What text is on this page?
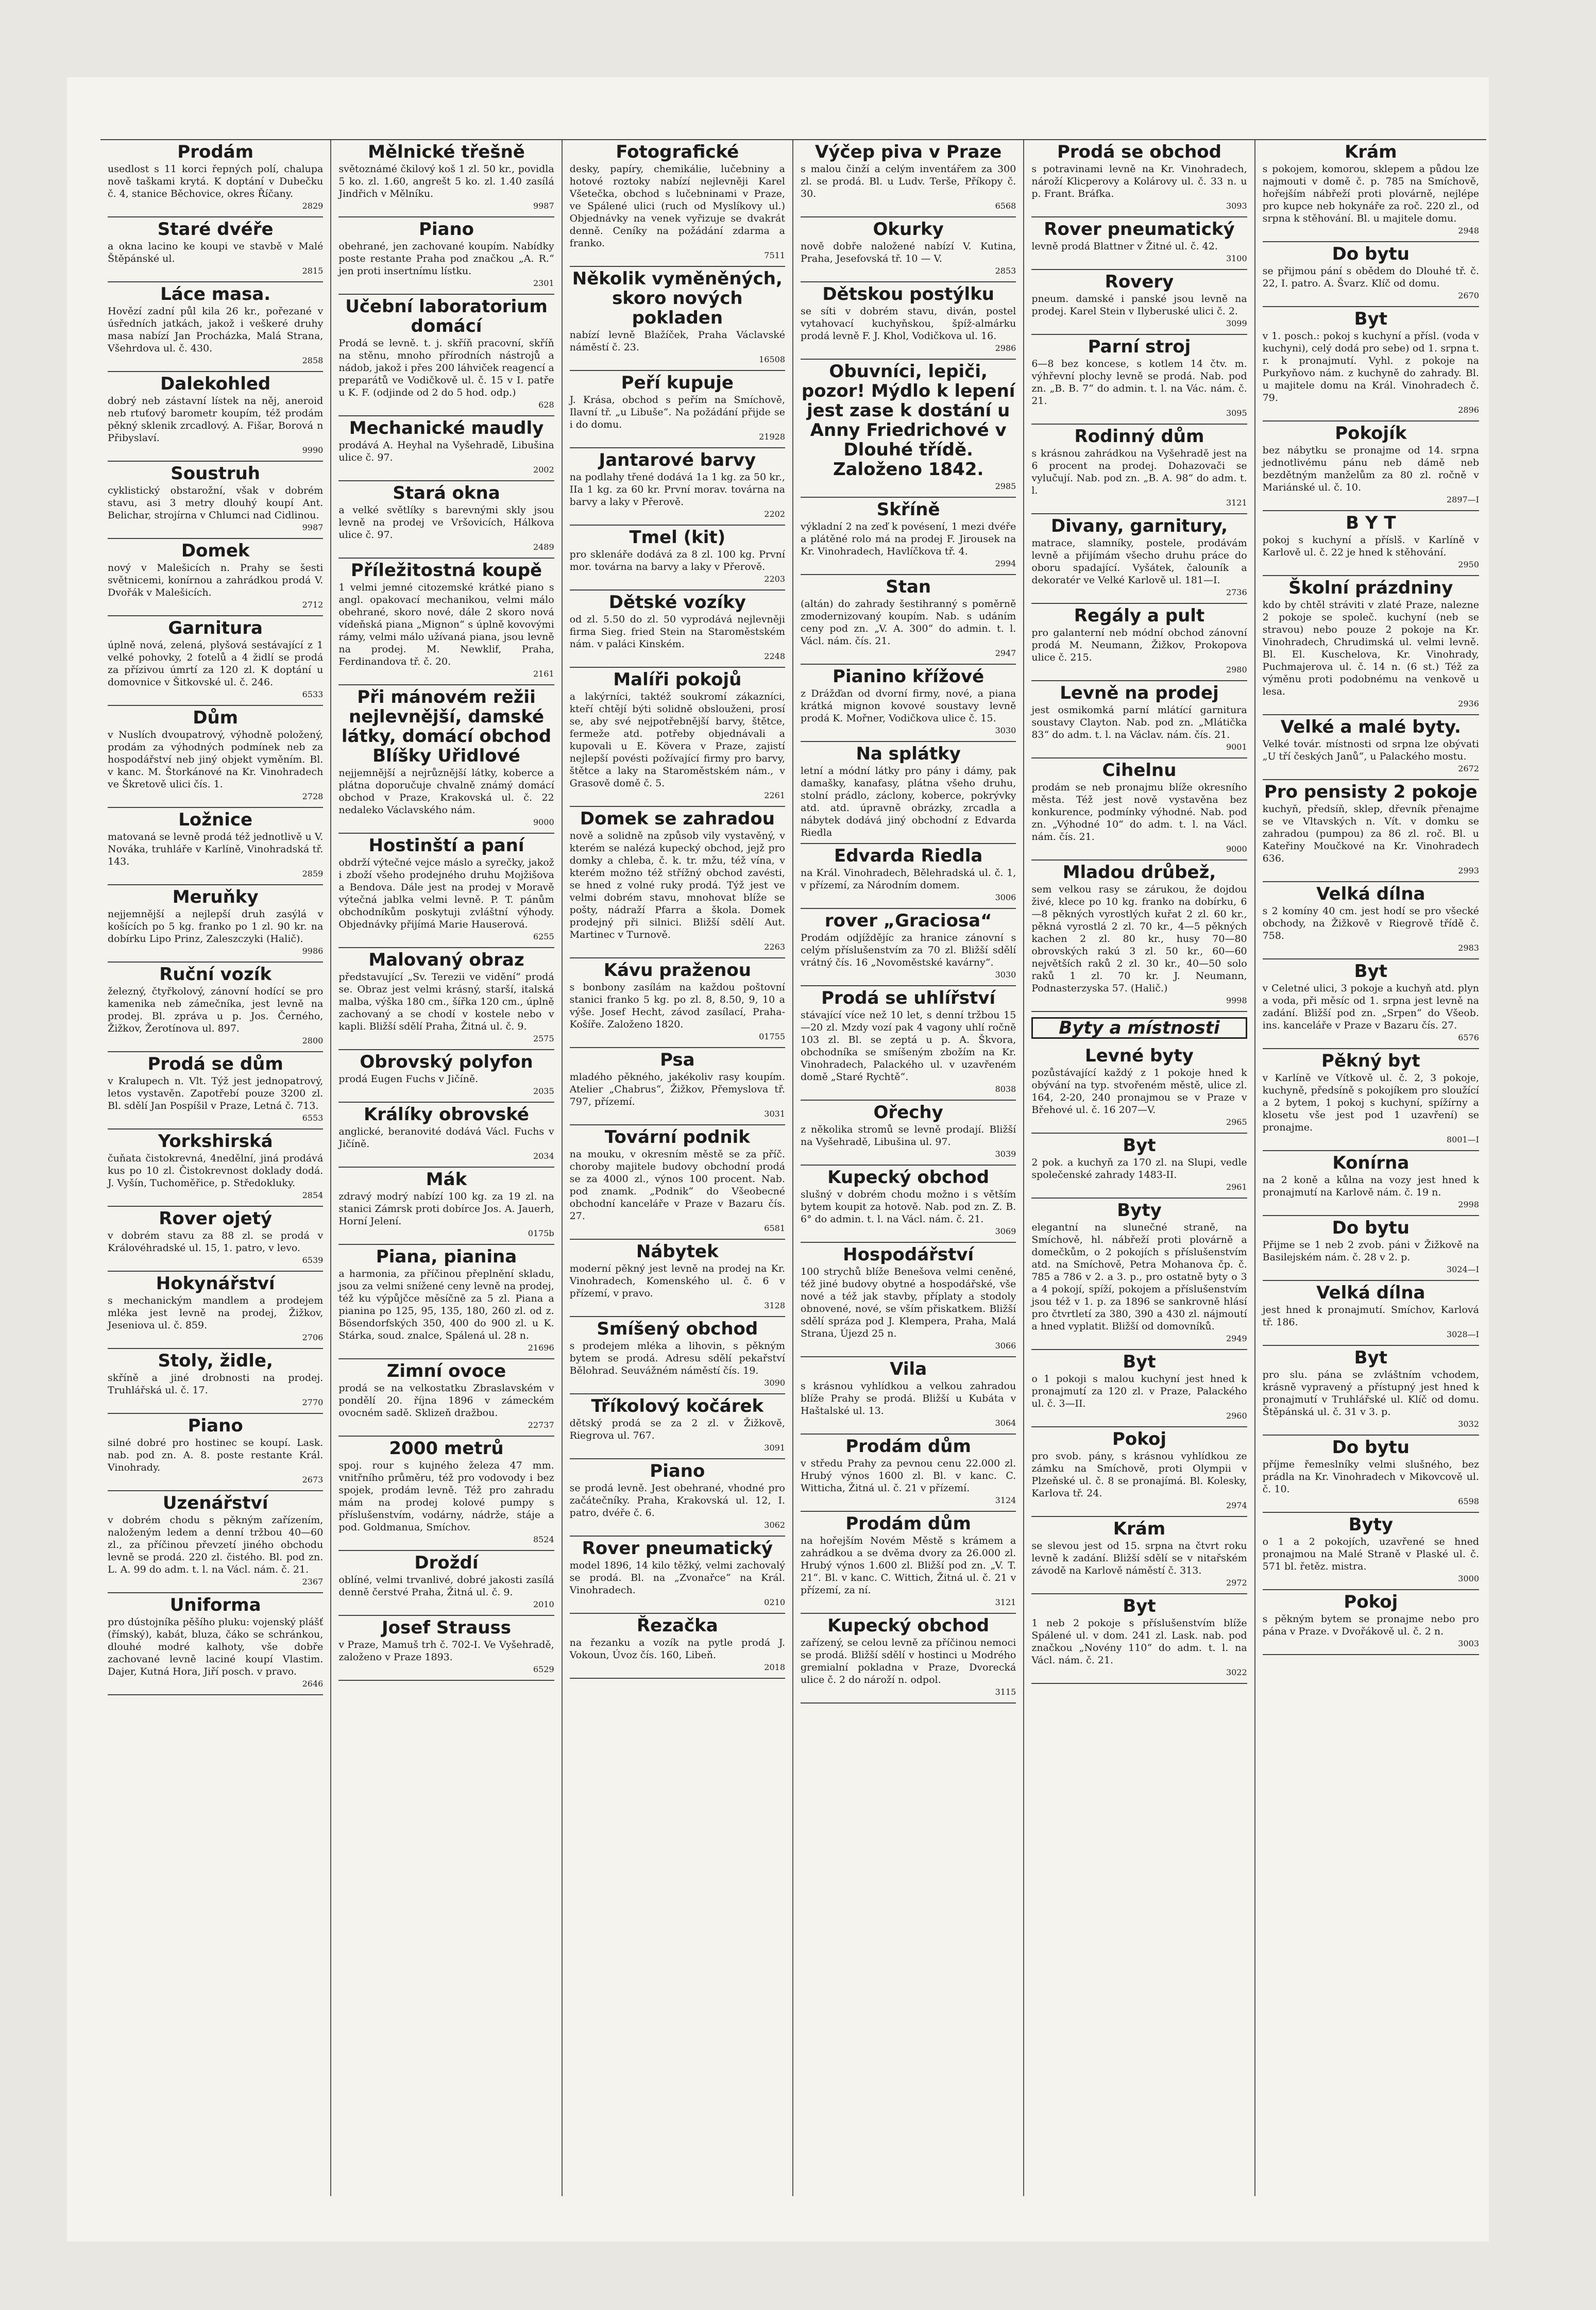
Prodám

usedlost s 11 korci řepných polí, chalupa nově taškami krytá. K doptání v Dubečku č. 4, stanice Běchovice, okres Říčany.

2829
Staré dvéře

a okna lacino ke koupi ve stavbě v Malé Štěpánské ul.

2815
Láce masa.

Hovězí zadní půl kila 26 kr., pořezané v úsředních jatkách, jakož i veškeré druhy masa nabízí Jan Procházka, Malá Strana, Všehrdova ul. č. 430.

2858
Dalekohled

dobrý neb zástavní lístek na něj, aneroid neb rtuťový barometr koupím, též prodám pěkný sklenik zrcadlový. A. Fišar, Borová n Přibyslaví.

9990
Soustruh

cyklistický obstarožní, však v dobrém stavu, asi 3 metry dlouhý koupí Ant. Belichar, strojírna v Chlumci nad Cidlinou.

9987
Domek

nový v Malešicích n. Prahy se šesti světnicemi, konírnou a zahrádkou prodá V. Dvořák v Malešicích.

2712
Garnitura

úplně nová, zelená, plyšová sestávající z 1 velké pohovky, 2 fotelů a 4 židlí se prodá za přízivou úmrtí za 120 zl. K doptání u domovnice v Šitkovské ul. č. 246.

6533
Dům

v Nuslích dvoupatrový, výhodně položený, prodám za výhodných podmínek neb za hospodářství neb jiný objekt vyměním. Bl. v kanc. M. Štorkánové na Kr. Vinohradech ve Škretově ulici čís. 1.

2728
Ložnice

matovaná se levně prodá též jednotlivě u V. Nováka, truhláře v Karlíně, Vinohradská tř. 143.

2859
Meruňky

nejjemnější a nejlepší druh zasýlá v košících po 5 kg. franko po 1 zl. 90 kr. na dobírku Lipo Prinz, Zaleszczyki (Halič).

9986
Ruční vozík

železný, čtyřkolový, zánovní hodící se pro kamenika neb zámečníka, jest levně na prodej. Bl. zpráva u p. Jos. Černého, Žižkov, Žerotínova ul. 897.

2800
Prodá se dům

v Kralupech n. Vlt. Týž jest jednopatrový, letos vystavěn. Zapotřebí pouze 3200 zl. Bl. sdělí Jan Pospíšil v Praze, Letná č. 713.

6553
Yorkshirská

čuňata čistokrevná, 4nedělní, jiná prodává kus po 10 zl. Čistokrevnost doklady dodá. J. Vyšín, Tuchoměřice, p. Středokluky.

2854
Rover ojetý

v dobrém stavu za 88 zl. se prodá v Královéhradské ul. 15, 1. patro, v levo.

6539
Hokynářství

s mechanickým mandlem a prodejem mléka jest levně na prodej, Žižkov, Jeseniova ul. č. 859.

2706
Stoly, židle,

skříně a jiné drobnosti na prodej. Truhlářská ul. č. 17.

2770
Piano

silné dobré pro hostinec se koupí. Lask. nab. pod zn. A. 8. poste restante Král. Vinohrady.

2673
Uzenářství

v dobrém chodu s pěkným zařízením, naloženým ledem a denní tržbou 40—60 zl., za příčinou převzetí jiného obchodu levně se prodá. 220 zl. čistého. Bl. pod zn. L. A. 99 do adm. t. l. na Václ. nám. č. 21.

2367
Uniforma

pro dústojníka pěšího pluku: vojenský plášť (římský), kabát, bluza, čáko se schránkou, dlouhé modré kalhoty, vše dobře zachované levně laciné koupí Vlastim. Dajer, Kutná Hora, Jiří posch. v pravo.

2646
Mělnické třešně

světoznámé čkilový koš 1 zl. 50 kr., povidla 5 ko. zl. 1.60, angrešt 5 ko. zl. 1.40 zasílá Jindřich v Mělníku.

9987
Piano

obehrané, jen zachované koupím. Nabídky poste restante Praha pod značkou „A. R.“ jen proti insertnímu lístku.

2301
Učební laboratorium domácí

Prodá se levně. t. j. skříň pracovní, skříň na stěnu, mnoho přírodních nástrojů a nádob, jakož i přes 200 láhviček reagencí a preparátů ve Vodičkově ul. č. 15 v I. patře u K. F. (odjinde od 2 do 5 hod. odp.)

628
Mechanické maudly

prodává A. Heyhal na Vyšehradě, Libušina ulice č. 97.

2002
Stará okna

a velké světlíky s barevnými skly jsou levně na prodej ve Vršovicích, Hálkova ulice č. 97.

2489
Příležitostná koupě

1 velmi jemné citozemské krátké piano s angl. opakovací mechanikou, velmi málo obehrané, skoro nové, dále 2 skoro nová vídeňská piana „Mignon“ s úplně kovovými rámy, velmi málo užívaná piana, jsou levně na prodej. M. Newklif, Praha, Ferdinandova tř. č. 20.

2161
Při mánovém režii nejlevnější, damské látky, domácí obchod Blíšky Uřidlové

nejjemnější a nejrůznější látky, koberce a plátna doporučuje chvalně známý domácí obchod v Praze, Krakovská ul. č. 22 nedaleko Václavského nám.

9000
Hostinští a paní

obdrží výtečné vejce máslo a syrečky, jakož i zboží všeho prodejného druhu Mojžišova a Bendova. Dále jest na prodej v Moravě výtečná jablka velmi levně. P. T. pánům obchodníkům poskytuji zvláštní výhody. Objednávky přijímá Marie Hauserová.

6255
Malovaný obraz

představující „Sv. Terezii ve vidění“ prodá se. Obraz jest velmi krásný, starší, italská malba, výška 180 cm., šířka 120 cm., úplně zachovaný a se chodí v kostele nebo v kapli. Bližší sdělí Praha, Žitná ul. č. 9.

2575
Obrovský polyfon

prodá Eugen Fuchs v Jičíně.

2035
Králíky obrovské

anglické, beranovité dodává Václ. Fuchs v Jičíně.

2034
Mák

zdravý modrý nabízí 100 kg. za 19 zl. na stanici Zámrsk proti dobírce Jos. A. Jauerh, Horní Jelení.

0175b
Piana, pianina

a harmonia, za příčinou přeplnění skladu, jsou za velmi snížené ceny levně na prodej, též ku výpůjčce měsíčně za 5 zl. Piana a pianina po 125, 95, 135, 180, 260 zl. od z. Bösendorfských 350, 400 do 900 zl. u K. Stárka, soud. znalce, Spálená ul. 28 n.

21696
Zimní ovoce

prodá se na velkostatku Zbraslavském v pondělí 20. října 1896 v zámeckém ovocném sadě. Sklizeň dražbou.

22737
2000 metrů

spoj. rour s kujného železa 47 mm. vnitřního průměru, též pro vodovody i bez spojek, prodám levně. Též pro zahradu mám na prodej kolové pumpy s příslušenstvím, vodárny, nádrže, stáje a pod. Goldmanua, Smíchov.

8524
Droždí

oblíné, velmi trvanlivé, dobré jakosti zasílá denně čerstvé Praha, Žitná ul. č. 9.

2010
Josef Strauss

v Praze, Mamuš trh č. 702-I. Ve Vyšehradě, založeno v Praze 1893.

6529
Fotografické

desky, papíry, chemikálie, lučebniny a hotové roztoky nabízí nejlevněji Karel Všetečka, obchod s lučebninami v Praze, ve Spálené ulici (ruch od Myslíkovy ul.) Objednávky na venek vyřizuje se dvakrát denně. Ceníky na požádání zdarma a franko.

7511
Několik vyměněných, skoro nových pokladen

nabízí levně Blažíček, Praha Václavské náměstí č. 23.

16508
Peří kupuje

J. Krása, obchod s peřím na Smíchově, Ilavní tř. „u Libuše“. Na požádání přijde se i do domu.

21928
Jantarové barvy

na podlahy třené dodává 1a 1 kg. za 50 kr., IIa 1 kg. za 60 kr. První morav. továrna na barvy a laky v Přerově.

2202
Tmel (kit)

pro sklenáře dodává za 8 zl. 100 kg. První mor. továrna na barvy a laky v Přerově.

2203
Dětské vozíky

od zl. 5.50 do zl. 50 vyprodává nejlevněji firma Sieg. fried Stein na Staroměstském nám. v paláci Kinském.

2248
Malíři pokojů

a lakýrníci, taktéž soukromí zákazníci, kteří chtějí býti solidně obslouženi, prosí se, aby své nejpotřebnější barvy, štětce, fermeže atd. potřeby objednávali a kupovali u E. Kövera v Praze, zajistí nejlepší povésti požívající firmy pro barvy, štětce a laky na Staroměstském nám., v Grasově domě č. 5.

2261
Domek se zahradou

nově a solidně na způsob vily vystavěný, v kterém se nalézá kupecký obchod, jejž pro domky a chleba, č. k. tr. mžu, též vína, v kterém možno též střížný obchod zavésti, se hned z volné ruky prodá. Týž jest ve velmi dobrém stavu, mnohovat blíže se pošty, nádraží Pfarra a škola. Domek prodejný při silnici. Bližší sdělí Aut. Martinec v Turnově.

2263
Kávu praženou

s bonbony zasílám na každou poštovní stanici franko 5 kg. po zl. 8, 8.50, 9, 10 a výše. Josef Hecht, závod zasílací, Praha-Košíře. Založeno 1820.

01755
Psa

mladého pěkného, jakékoliv rasy koupím. Atelier „Chabrus“, Žižkov, Přemyslova tř. 797, přízemí.

3031
Tovární podnik

na mouku, v okresním městě se za příč. choroby majitele budovy obchodní prodá se za 4000 zl., výnos 100 procent. Nab. pod znamk. „Podnik“ do Všeobecné obchodní kanceláře v Praze v Bazaru čís. 27.

6581
Nábytek

moderní pěkný jest levně na prodej na Kr. Vinohradech, Komenského ul. č. 6 v přízemí, v pravo.

3128
Smíšený obchod

s prodejem mléka a lihovin, s pěkným bytem se prodá. Adresu sdělí pekařství Bělohrad. Seuvážném náměstí čís. 19.

3090
Tříkolový kočárek

dětský prodá se za 2 zl. v Žižkově, Riegrova ul. 767.

3091
Piano

se prodá levně. Jest obehrané, vhodné pro začátečníky. Praha, Krakovská ul. 12, I. patro, dvéře č. 6.

3062
Rover pneumatický

model 1896, 14 kilo těžký, velmi zachovalý se prodá. Bl. na „Zvonařce“ na Král. Vinohradech.

0210
Řezačka

na řezanku a vozík na pytle prodá J. Vokoun, Úvoz čís. 160, Libeň.

2018
Výčep piva v Praze

s malou činží a celým inventářem za 300 zl. se prodá. Bl. u Ludv. Terše, Příkopy č. 30.

6568
Okurky

nově dobře naložené nabízí V. Kutina, Praha, Jesefovská tř. 10 — V.

2853
Dětskou postýlku

se síti v dobrém stavu, diván, postel vytahovací kuchyňskou, špíž-almárku prodá levně F. J. Khol, Vodičkova ul. 16.

2986
Obuvníci, lepiči, pozor! Mýdlo k lepení jest zase k dostání u Anny Friedrichové v Dlouhé třídě. Založeno 1842.
2985
Skříně

výkladní 2 na zeď k povésení, 1 mezi dvéře a plátěné rolo má na prodej F. Jirousek na Kr. Vinohradech, Havlíčkova tř. 4.

2994
Stan

(altán) do zahrady šestihranný s poměrně zmodernizovaný koupím. Nab. s udáním ceny pod zn. „V. A. 300“ do admin. t. l. Václ. nám. čís. 21.

2947
Pianino křížové

z Drážďan od dvorní firmy, nové, a piana krátká mignon kovové soustavy levně prodá K. Mořner, Vodičkova ulice č. 15.

3030
Na splátky

letní a módní látky pro pány i dámy, pak damašky, kanafasy, plátna všeho druhu, stolní prádlo, záclony, koberce, pokrývky atd. atd. úpravně obrázky, zrcadla a nábytek dodává jiný obchodní z Edvarda Riedla

Edvarda Riedla

na Král. Vinohradech, Bělehradská ul. č. 1, v přízemí, za Národním domem.

3006
rover „Graciosa“

Prodám odjíždějíc za hranice zánovní s celým příslušenstvím za 70 zl. Bližší sdělí vrátný čís. 16 „Novoměstské kavárny“.

3030
Prodá se uhlířství

stávající více než 10 let, s denní tržbou 15—20 zl. Mzdy vozí pak 4 vagony uhlí ročně 103 zl. Bl. se zeptá u p. A. Škvora, obchodníka se smíšeným zbožím na Kr. Vinohradech, Palackého ul. v uzavřeném domě „Staré Rychtě“.

8038
Ořechy

z několika stromů se levně prodají. Bližší na Vyšehradě, Libušina ul. 97.

3039
Kupecký obchod

slušný v dobrém chodu možno i s větším bytem koupit za hotově. Nab. pod zn. Z. B. 6° do admin. t. l. na Václ. nám. č. 21.

3069
Hospodářství

100 strychů blíže Benešova velmi ceněné, též jiné budovy obytné a hospodářské, vše nové a též jak stavby, příplaty a stodoly obnovené, nové, se vším přiskatkem. Bližší sdělí spráza pod J. Klempera, Praha, Malá Strana, Újezd 25 n.

3066
Vila

s krásnou vyhlídkou a velkou zahradou blíže Prahy se prodá. Bližší u Kubáta v Haštalské ul. 13.

3064
Prodám dům

v středu Prahy za pevnou cenu 22.000 zl. Hrubý výnos 1600 zl. Bl. v kanc. C. Witticha, Žitná ul. č. 21 v přízemí.

3124
Prodám dům

na hořejším Novém Městě s krámem a zahrádkou a se dvěma dvory za 26.000 zl. Hrubý výnos 1.600 zl. Bližší pod zn. „V. T. 21“. Bl. v kanc. C. Wittich, Žitná ul. č. 21 v přízemí, za ní.

3121
Kupecký obchod

zařízený, se celou levně za příčinou nemoci se prodá. Bližší sdělí v hostinci u Modrého gremialní pokladna v Praze, Dvorecká ulice č. 2 do nároží n. odpol.

3115
Prodá se obchod

s potravinami levně na Kr. Vinohradech, nároží Klicperovy a Kolárovy ul. č. 33 n. u p. Frant. Bráfka.

3093
Rover pneumatický

levně prodá Blattner v Žitné ul. č. 42.

3100
Rovery

pneum. damské i panské jsou levně na prodej. Karel Stein v Ilyberuské ulici č. 2.

3099
Parní stroj

6—8 bez koncese, s kotlem 14 čtv. m. výhřevní plochy levně se prodá. Nab. pod zn. „B. B. 7“ do admin. t. l. na Vác. nám. č. 21.

3095
Rodinný dům

s krásnou zahrádkou na Vyšehradě jest na 6 procent na prodej. Dohazovači se vylučují. Nab. pod zn. „B. A. 98“ do adm. t. l.

3121
Divany, garnitury,

matrace, slamníky, postele, prodávám levně a přijímám všecho druhu práce do oboru spadající. Vyšátek, čalouník a dekoratér ve Velké Karlově ul. 181—I.

2736
Regály a pult

pro galanterní neb módní obchod zánovní prodá M. Neumann, Žižkov, Prokopova ulice č. 215.

2980
Levně na prodej

jest osmikomká parní mlátící garnitura soustavy Clayton. Nab. pod zn. „Mlátička 83“ do adm. t. l. na Václav. nám. čís. 21.

9001
Cihelnu

prodám se neb pronajmu blíže okresního města. Též jest nově vystavěna bez konkurence, podmínky výhodné. Nab. pod zn. „Výhodné 10“ do adm. t. l. na Václ. nám. čís. 21.

9000
Mladou drůbež,

sem velkou rasy se zárukou, že dojdou živé, klece po 10 kg. franko na dobírku, 6—8 pěkných vyrostlých kuřat 2 zl. 60 kr., pěkná vyrostlá 2 zl. 70 kr., 4—5 pěkných kachen 2 zl. 80 kr., husy 70—80 obrovských rakú 3 zl. 50 kr., 60—60 největších raků 2 zl. 30 kr., 40—50 solo raků 1 zl. 70 kr. J. Neumann, Podnasterzyska 57. (Halič.)

9998
Byty a místnosti
Levné byty

pozůstávající každý z 1 pokoje hned k obývání na typ. stvořeném městě, ulice zl. 164, 2-20, 240 pronajmou se v Praze v Břehové ul. č. 16 207—V.

2965
Byt

2 pok. a kuchyň za 170 zl. na Slupi, vedle společenské zahrady 1483-II.

2961
Byty

elegantní na slunečné straně, na Smíchově, hl. nábřeží proti plovárně a domečkům, o 2 pokojích s příslušenstvím atd. na Smíchově, Petra Mohanova čp. č. 785 a 786 v 2. a 3. p., pro ostatně byty o 3 a 4 pokojí, spíží, pokojem a příslušenstvím jsou též v 1. p. za 1896 se sankrovně hlásí pro čtvrtletí za 380, 390 a 430 zl. nájmoutí a hned vyplatit. Bližší od domovníků.

2949
Byt

o 1 pokoji s malou kuchyní jest hned k pronajmutí za 120 zl. v Praze, Palackého ul. č. 3—II.

2960
Pokoj

pro svob. pány, s krásnou vyhlídkou ze zámku na Smíchově, proti Olympii v Plzeňské ul. č. 8 se pronajímá. Bl. Kolesky, Karlova tř. 24.

2974
Krám

se slevou jest od 15. srpna na čtvrt roku levně k zadání. Bližší sdělí se v nitařském závodě na Karlově náměstí č. 313.

2972
Byt

1 neb 2 pokoje s příslušenstvím blíže Spálené ul. v dom. 241 zl. Lask. nab. pod značkou „Novény 110“ do adm. t. l. na Václ. nám. č. 21.

3022
Krám

s pokojem, komorou, sklepem a půdou lze najmouti v domě č. p. 785 na Smíchově, hořejším nábřeží proti plovárně, nejlépe pro kupce neb hokynáře za roč. 220 zl., od srpna k stěhování. Bl. u majitele domu.

2948
Do bytu

se přijmou pání s obědem do Dlouhé tř. č. 22, I. patro. A. Švarz. Klíč od domu.

2670
Byt

v 1. posch.: pokoj s kuchyní a přísl. (voda v kuchyni), celý dodá pro sebe) od 1. srpna t. r. k pronajmutí. Vyhl. z pokoje na Purkyňovo nám. z kuchyně do zahrady. Bl. u majitele domu na Král. Vinohradech č. 79.

2896
Pokojík

bez nábytku se pronajme od 14. srpna jednotlivému pánu neb dámě neb bezdětným manželům za 80 zl. ročně v Mariánské ul. č. 10.

2897—I
B Y T

pokoj s kuchyní a příslš. v Karlíně v Karlově ul. č. 22 je hned k stěhování.

2950
Školní prázdniny

kdo by chtěl stráviti v zlaté Praze, nalezne 2 pokoje se společ. kuchyní (neb se stravou) nebo pouze 2 pokoje na Kr. Vinohradech, Chrudimská ul. velmi levně. Bl. El. Kuschelova, Kr. Vinohrady, Puchmajerova ul. č. 14 n. (6 st.) Též za výměnu proti podobnému na venkově u lesa.

2936
Velké a malé byty.

Velké továr. místnosti od srpna lze obývati „U tří českých Janů“, u Palackého mostu.

2672
Pro pensisty 2 pokoje

kuchyň, předsíň, sklep, dřevník přenajme se ve Vltavských n. Vít. v domku se zahradou (pumpou) za 86 zl. roč. Bl. u Kateřiny Moučkové na Kr. Vinohradech 636.

2993
Velká dílna

s 2 komíny 40 cm. jest hodí se pro všecké obchody, na Žižkově v Riegrově třídě č. 758.

2983
Byt

v Celetné ulici, 3 pokoje a kuchyň atd. plyn a voda, při měsíc od 1. srpna jest levně na zadání. Bližší pod zn. „Srpen“ do Všeob. ins. kanceláře v Praze v Bazaru čís. 27.

6576
Pěkný byt

v Karlíně ve Vítkově ul. č. 2, 3 pokoje, kuchyně, předsíně s pokojíkem pro sloužící a 2 bytem, 1 pokoj s kuchyní, spížírny a klosetu vše jest pod 1 uzavření) se pronajme.

8001—I
Konírna

na 2 koně a kůlna na vozy jest hned k pronajmutí na Karlově nám. č. 19 n.

2998
Do bytu

Přijme se 1 neb 2 zvob. páni v Žižkově na Basilejském nám. č. 28 v 2. p.

3024—I
Velká dílna

jest hned k pronajmutí. Smíchov, Karlová tř. 186.

3028—I
Byt

pro slu. pána se zvláštním vchodem, krásně vypravený a přístupný jest hned k pronajmutí v Truhlářské ul. Klíč od domu. Štěpánská ul. č. 31 v 3. p.

3032
Do bytu

příjme řemeslníky velmi slušného, bez prádla na Kr. Vinohradech v Mikovcově ul. č. 10.

6598
Byty

o 1 a 2 pokojích, uzavřené se hned pronajmou na Malé Straně v Plaské ul. č. 571 bl. řetěz. mistra.

3000
Pokoj

s pěkným bytem se pronajme nebo pro pána v Praze. v Dvořákově ul. č. 2 n.

3003
